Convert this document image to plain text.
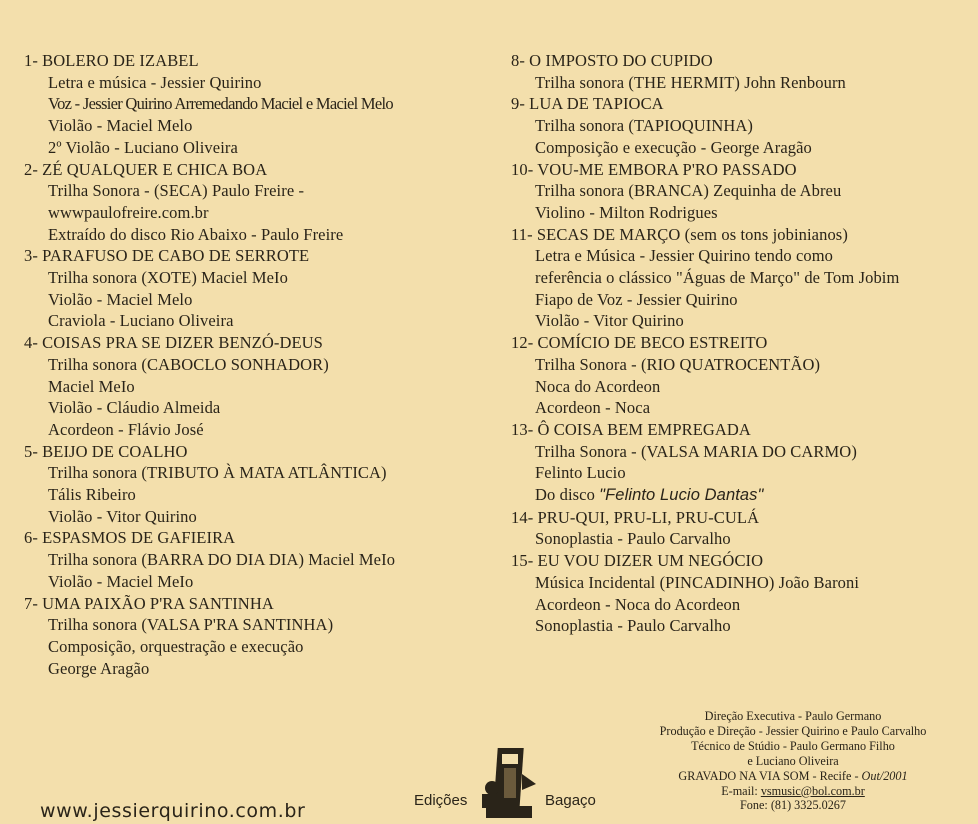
1- BOLERO DE IZABEL
Letra e música - Jessier Quirino
Voz - Jessier Quirino Arremedando Maciel e Maciel Melo
Violão - Maciel Melo
2º Violão - Luciano Oliveira
2- ZÉ QUALQUER E CHICA BOA
Trilha Sonora - (SECA) Paulo Freire -
wwwpaulofreire.com.br
Extraído do disco Rio Abaixo - Paulo Freire
3- PARAFUSO DE CABO DE SERROTE
Trilha sonora (XOTE) Maciel MeIo
Violão - Maciel Melo
Craviola - Luciano Oliveira
4- COISAS PRA SE DIZER BENZÓ-DEUS
Trilha sonora (CABOCLO SONHADOR)
Maciel MeIo
Violão - Cláudio Almeida
Acordeon - Flávio José
5- BEIJO DE COALHO
Trilha sonora (TRIBUTO À MATA ATLÂNTICA)
Tális Ribeiro
Violão - Vitor Quirino
6- ESPASMOS DE GAFIEIRA
Trilha sonora (BARRA DO DIA DIA) Maciel MeIo
Violão - Maciel MeIo
7- UMA PAIXÃO P'RA SANTINHA
Trilha sonora (VALSA P'RA SANTINHA)
Composição, orquestração e execução
George Aragão
8- O IMPOSTO DO CUPIDO
Trilha sonora (THE HERMIT) John Renbourn
9- LUA DE TAPIOCA
Trilha sonora (TAPIOQUINHA)
Composição e execução - George Aragão
10- VOU-ME EMBORA P'RO PASSADO
Trilha sonora (BRANCA) Zequinha de Abreu
Violino - Milton Rodrigues
11- SECAS DE MARÇO (sem os tons jobinianos)
Letra e Música - Jessier Quirino tendo como
referência o clássico "Águas de Março" de Tom Jobim
Fiapo de Voz - Jessier Quirino
Violão - Vitor Quirino
12- COMÍCIO DE BECO ESTREITO
Trilha Sonora - (RIO QUATROCENTÃO)
Noca do Acordeon
Acordeon - Noca
13- Ô COISA BEM EMPREGADA
Trilha Sonora - (VALSA MARIA DO CARMO)
Felinto Lucio
Do disco "Felinto Lucio Dantas"
14- PRU-QUI, PRU-LI, PRU-CULÁ
Sonoplastia - Paulo Carvalho
15- EU VOU DIZER UM NEGÓCIO
Música Incidental (PINCADINHO) João Baroni
Acordeon - Noca do Acordeon
Sonoplastia - Paulo Carvalho
Direção Executiva - Paulo Germano
Produção e Direção - Jessier Quirino e Paulo Carvalho
Técnico de Stúdio - Paulo Germano Filho
e Luciano Oliveira
GRAVADO NA VIA SOM - Recife - Out/2001
E-mail: vsmusic@bol.com.br
Fone: (81) 3325.0267
www.jessierquirino.com.br	Edições	Bagaço
